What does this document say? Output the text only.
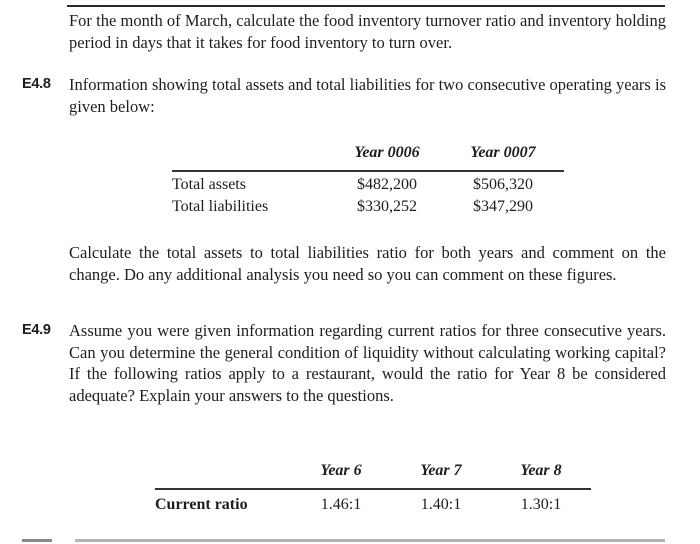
For the month of March, calculate the food inventory turnover ratio and inventory holding period in days that it takes for food inventory to turn over.

E4.8 Information showing total assets and total liabilities for two consecutive operating years is given below:

	Year 0006	Year 0007

Total assets	$482,200	$506,320
Total liabilities	$330,252	$347,290

Calculate the total assets to total liabilities ratio for both years and comment on the change. Do any additional analysis you need so you can comment on these figures.

E4.9 Assume you were given information regarding current ratios for three consecutive years. Can you determine the general condition of liquidity without calculating working capital? If the following ratios apply to a restaurant, would the ratio for Year 8 be considered adequate? Explain your answers to the questions.

	Year 6	Year 7	Year 8

Current ratio	1.46:1	1.40:1	1.30:1
